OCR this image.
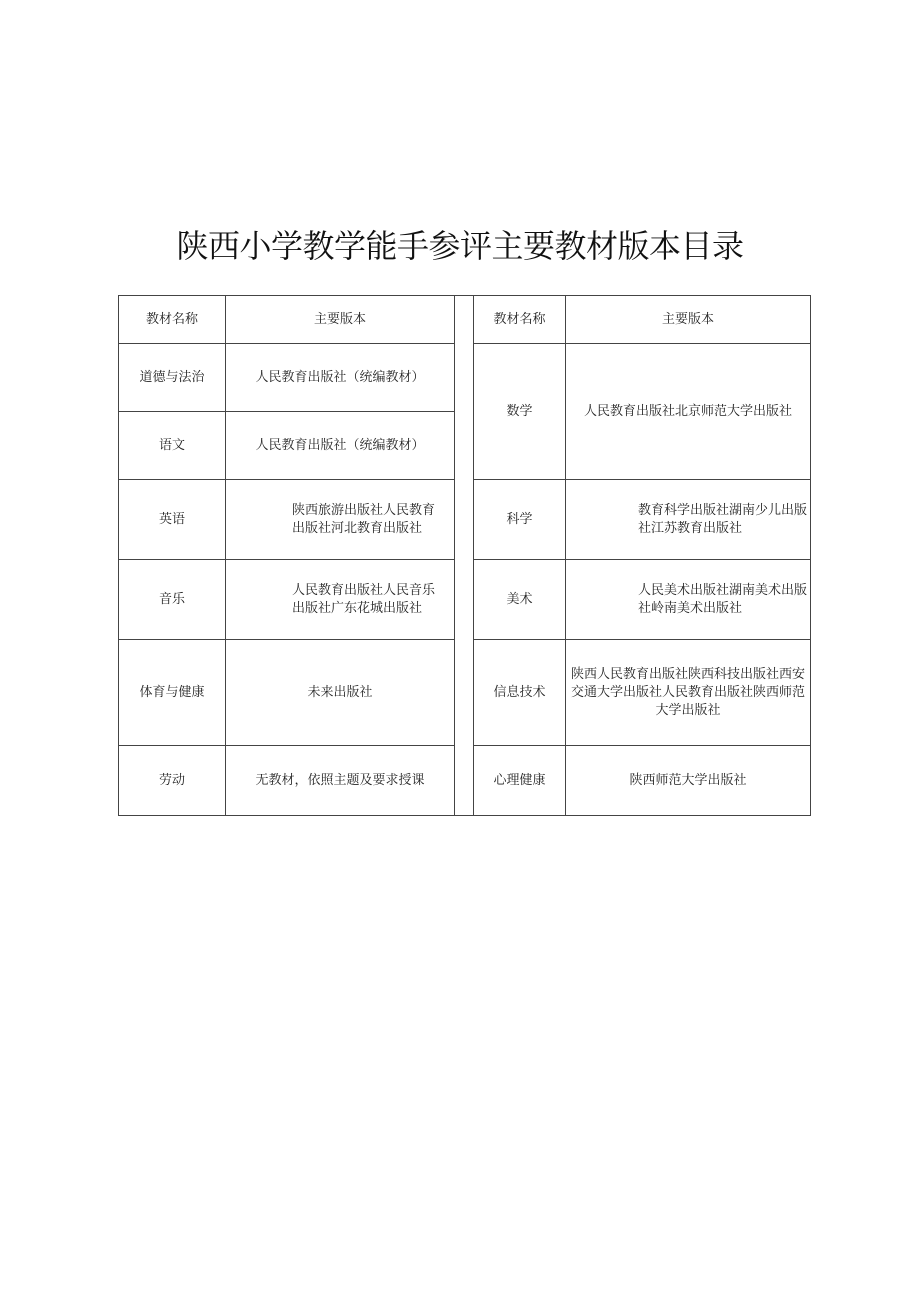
陕西小学教学能手参评主要教材版本目录
教材名称	主要版本		教材名称	主要版本
道德与法治	人民教育出版社（统编教材）		数学	人民教育出版社北京师范大学出版社
语文	人民教育出版社（统编教材）			
英语	陕西旅游出版社人民教育出版社河北教育出版社		科学	教育科学出版社湖南少儿出版社江苏教育出版社
音乐	人民教育出版社人民音乐出版社广东花城出版社		美术	人民美术出版社湖南美术出版社岭南美术出版社
体育与健康	未来出版社		信息技术	陕西人民教育出版社陕西科技出版社西安交通大学出版社人民教育出版社陕西师范大学出版社
劳动	无教材，依照主题及要求授课		心理健康	陕西师范大学出版社
